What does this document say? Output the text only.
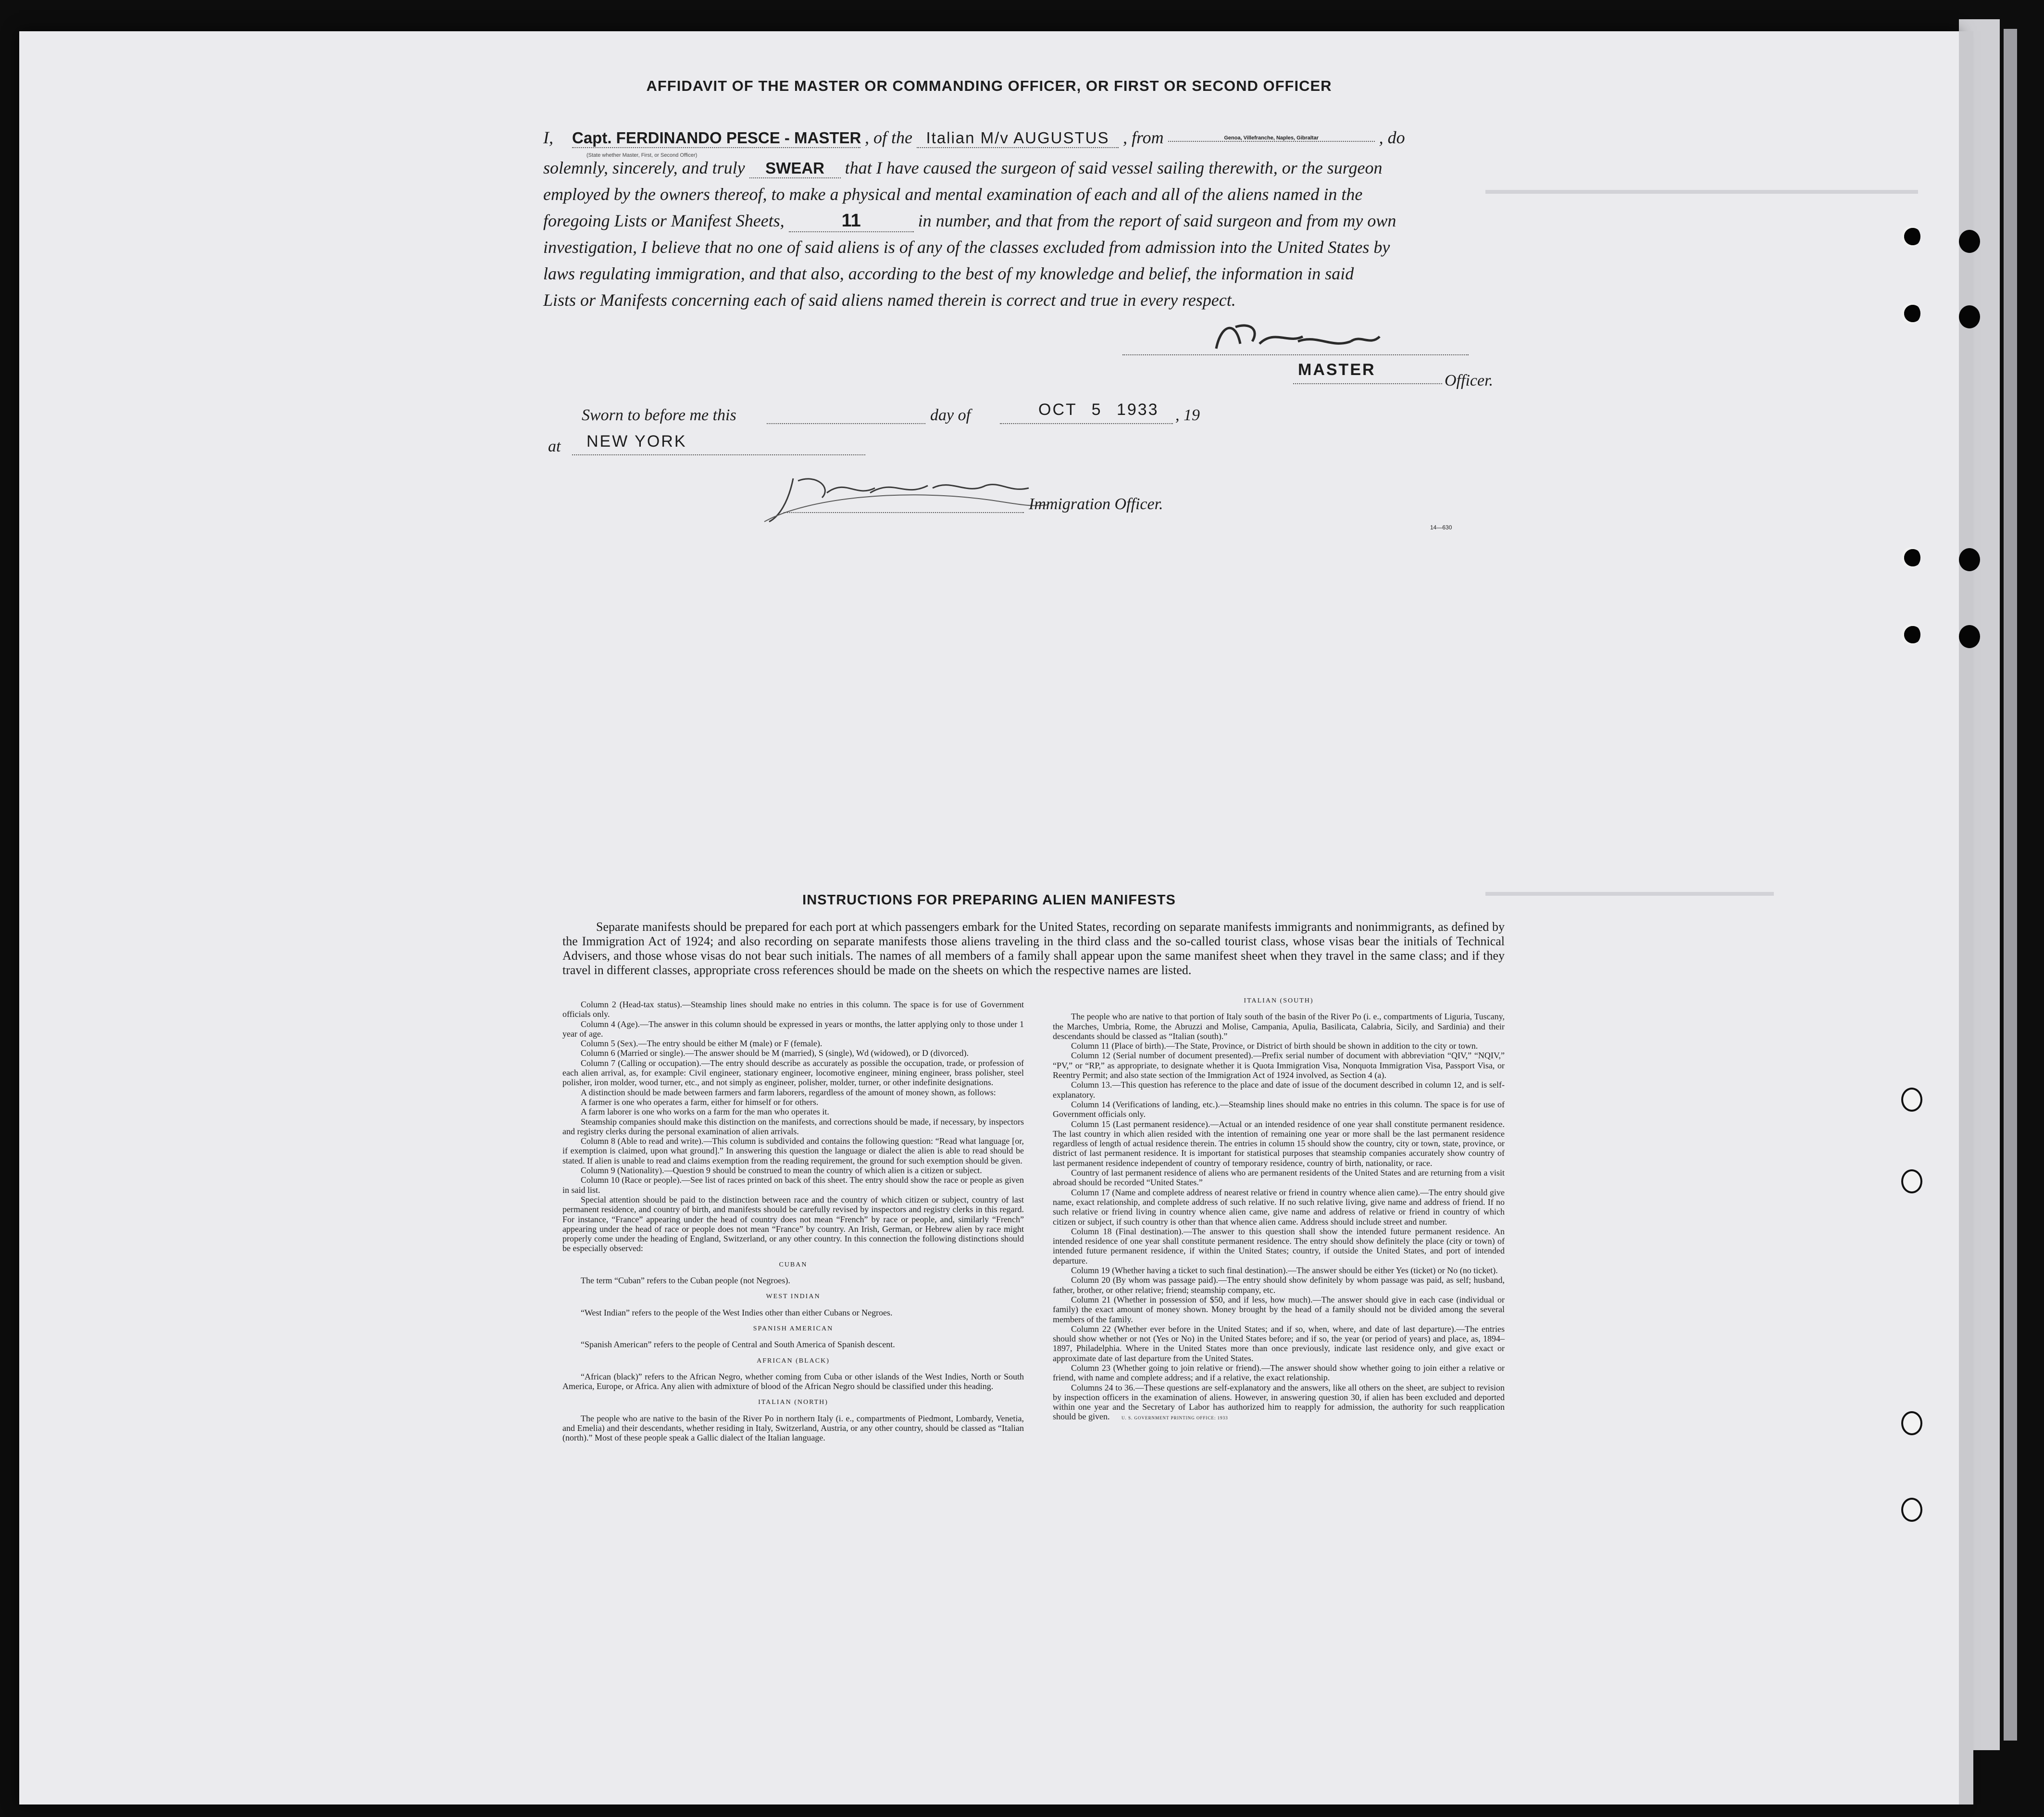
AFFIDAVIT OF THE MASTER OR COMMANDING OFFICER, OR FIRST OR SECOND OFFICER
I, Capt. FERDINANDO PESCE - MASTER , of the Italian M/v AUGUSTUS , from	Genoa, Villefranche, Naples, Gibraltar	, do
(State whether Master, First, or Second Officer)
solemnly, sincerely, and truly SWEAR that I have caused the surgeon of said vessel sailing therewith, or the surgeon
employed by the owners thereof, to make a physical and mental examination of each and all of the aliens named in the
foregoing Lists or Manifest Sheets,	11	in number, and that from the report of said surgeon and from my own
investigation, I believe that no one of said aliens is of any of the classes excluded from admission into the United States by
laws regulating immigration, and that also, according to the best of my knowledge and belief, the information in said
Lists or Manifests concerning each of said aliens named therein is correct and true in every respect.
MASTER
Officer.
Sworn to before me this	day of	OCT 5 1933 , 19
at NEW YORK
Immigration Officer.
14—630
INSTRUCTIONS FOR PREPARING ALIEN MANIFESTS
Separate manifests should be prepared for each port at which passengers embark for the United States, recording on separate manifests immigrants and nonimmigrants, as defined by the Immigration Act of 1924; and also recording on separate manifests those aliens traveling in the third class and the so-called tourist class, whose visas bear the initials of Technical Advisers, and those whose visas do not bear such initials. The names of all members of a family shall appear upon the same manifest sheet when they travel in the same class; and if they travel in different classes, appropriate cross references should be made on the sheets on which the respective names are listed.

Column 2 (Head-tax status).—Steamship lines should make no entries in this column. The space is for use of Government officials only.

Column 4 (Age).—The answer in this column should be expressed in years or months, the latter applying only to those under 1 year of age.

Column 5 (Sex).—The entry should be either M (male) or F (female).

Column 6 (Married or single).—The answer should be M (married), S (single), Wd (widowed), or D (divorced).

Column 7 (Calling or occupation).—The entry should describe as accurately as possible the occupation, trade, or profession of each alien arrival, as, for example: Civil engineer, stationary engineer, locomotive engineer, mining engineer, brass polisher, steel polisher, iron molder, wood turner, etc., and not simply as engineer, polisher, molder, turner, or other indefinite designations.

A distinction should be made between farmers and farm laborers, regardless of the amount of money shown, as follows:

A farmer is one who operates a farm, either for himself or for others.

A farm laborer is one who works on a farm for the man who operates it.

Steamship companies should make this distinction on the manifests, and corrections should be made, if necessary, by inspectors and registry clerks during the personal examination of alien arrivals.

Column 8 (Able to read and write).—This column is subdivided and contains the following question: “Read what language [or, if exemption is claimed, upon what ground].” In answering this question the language or dialect the alien is able to read should be stated. If alien is unable to read and claims exemption from the reading requirement, the ground for such exemption should be given.

Column 9 (Nationality).—Question 9 should be construed to mean the country of which alien is a citizen or subject.

Column 10 (Race or people).—See list of races printed on back of this sheet. The entry should show the race or people as given in said list.

Special attention should be paid to the distinction between race and the country of which citizen or subject, country of last permanent residence, and country of birth, and manifests should be carefully revised by inspectors and registry clerks in this regard. For instance, “France” appearing under the head of country does not mean “French” by race or people, and, similarly “French” appearing under the head of race or people does not mean “France” by country. An Irish, German, or Hebrew alien by race might properly come under the heading of England, Switzerland, or any other country. In this connection the following distinctions should be especially observed:

CUBAN

The term “Cuban” refers to the Cuban people (not Negroes).

WEST INDIAN

“West Indian” refers to the people of the West Indies other than either Cubans or Negroes.

SPANISH AMERICAN

“Spanish American” refers to the people of Central and South America of Spanish descent.

AFRICAN (BLACK)

“African (black)” refers to the African Negro, whether coming from Cuba or other islands of the West Indies, North or South America, Europe, or Africa. Any alien with admixture of blood of the African Negro should be classified under this heading.

ITALIAN (NORTH)

The people who are native to the basin of the River Po in northern Italy (i. e., compartments of Piedmont, Lombardy, Venetia, and Emelia) and their descendants, whether residing in Italy, Switzerland, Austria, or any other country, should be classed as “Italian (north).” Most of these people speak a Gallic dialect of the Italian language.

ITALIAN (SOUTH)

The people who are native to that portion of Italy south of the basin of the River Po (i. e., compartments of Liguria, Tuscany, the Marches, Umbria, Rome, the Abruzzi and Molise, Campania, Apulia, Basilicata, Calabria, Sicily, and Sardinia) and their descendants should be classed as “Italian (south).”

Column 11 (Place of birth).—The State, Province, or District of birth should be shown in addition to the city or town.

Column 12 (Serial number of document presented).—Prefix serial number of document with abbreviation “QIV,” “NQIV,” “PV,” or “RP,” as appropriate, to designate whether it is Quota Immigration Visa, Nonquota Immigration Visa, Passport Visa, or Reentry Permit; and also state section of the Immigration Act of 1924 involved, as Section 4 (a).

Column 13.—This question has reference to the place and date of issue of the document described in column 12, and is self-explanatory.

Column 14 (Verifications of landing, etc.).—Steamship lines should make no entries in this column. The space is for use of Government officials only.

Column 15 (Last permanent residence).—Actual or an intended residence of one year shall constitute permanent residence. The last country in which alien resided with the intention of remaining one year or more shall be the last permanent residence regardless of length of actual residence therein. The entries in column 15 should show the country, city or town, state, province, or district of last permanent residence. It is important for statistical purposes that steamship companies accurately show country of last permanent residence independent of country of temporary residence, country of birth, nationality, or race.

Country of last permanent residence of aliens who are permanent residents of the United States and are returning from a visit abroad should be recorded “United States.”

Column 17 (Name and complete address of nearest relative or friend in country whence alien came).—The entry should give name, exact relationship, and complete address of such relative. If no such relative living, give name and address of friend. If no such relative or friend living in country whence alien came, give name and address of relative or friend in country of which citizen or subject, if such country is other than that whence alien came. Address should include street and number.

Column 18 (Final destination).—The answer to this question shall show the intended future permanent residence. An intended residence of one year shall constitute permanent residence. The entry should show definitely the place (city or town) of intended future permanent residence, if within the United States; country, if outside the United States, and port of intended departure.

Column 19 (Whether having a ticket to such final destination).—The answer should be either Yes (ticket) or No (no ticket).

Column 20 (By whom was passage paid).—The entry should show definitely by whom passage was paid, as self; husband, father, brother, or other relative; friend; steamship company, etc.

Column 21 (Whether in possession of $50, and if less, how much).—The answer should give in each case (individual or family) the exact amount of money shown. Money brought by the head of a family should not be divided among the several members of the family.

Column 22 (Whether ever before in the United States; and if so, when, where, and date of last departure).—The entries should show whether or not (Yes or No) in the United States before; and if so, the year (or period of years) and place, as, 1894–1897, Philadelphia. Where in the United States more than once previously, indicate last residence only, and give exact or approximate date of last departure from the United States.

Column 23 (Whether going to join relative or friend).—The answer should show whether going to join either a relative or friend, with name and complete address; and if a relative, the exact relationship.

Columns 24 to 36.—These questions are self-explanatory and the answers, like all others on the sheet, are subject to revision by inspection officers in the examination of aliens. However, in answering question 30, if alien has been excluded and deported within one year and the Secretary of Labor has authorized him to reapply for admission, the authority for such reapplication should be given.	U. S. GOVERNMENT PRINTING OFFICE: 1933
